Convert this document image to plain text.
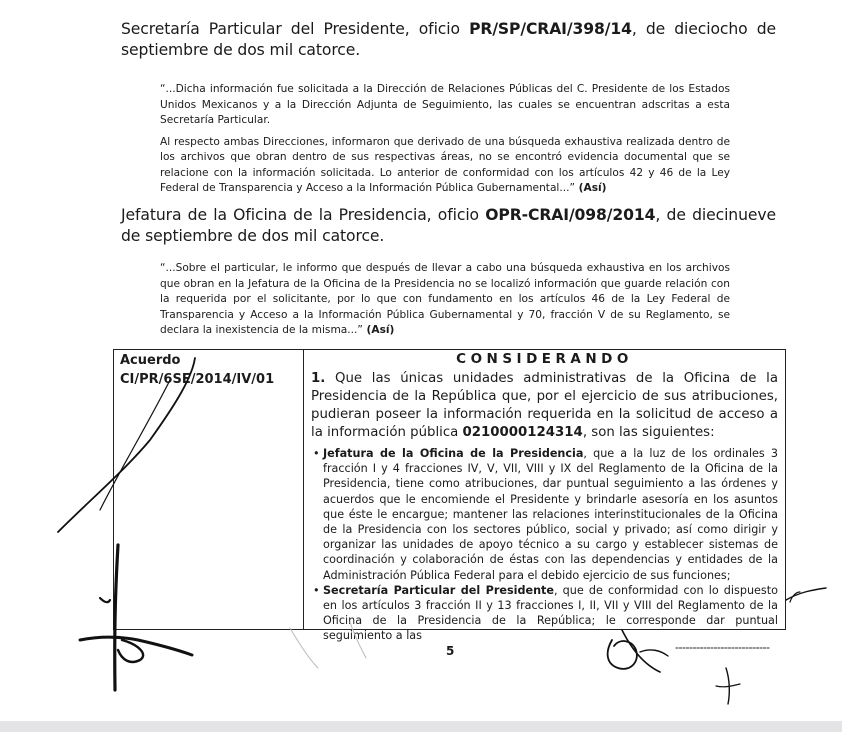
Secretaría Particular del Presidente, oficio PR/SP/CRAI/398/14, de dieciocho de septiembre de dos mil catorce.

“...Dicha información fue solicitada a la Dirección de Relaciones Públicas del C. Presidente de los Estados Unidos Mexicanos y a la Dirección Adjunta de Seguimiento, las cuales se encuentran adscritas a esta Secretaría Particular.

Al respecto ambas Direcciones, informaron que derivado de una búsqueda exhaustiva realizada dentro de los archivos que obran dentro de sus respectivas áreas, no se encontró evidencia documental que se relacione con la información solicitada. Lo anterior de conformidad con los artículos 42 y 46 de la Ley Federal de Transparencia y Acceso a la Información Pública Gubernamental...” (Así)

Jefatura de la Oficina de la Presidencia, oficio OPR-CRAI/098/2014, de diecinueve de septiembre de dos mil catorce.

“...Sobre el particular, le informo que después de llevar a cabo una búsqueda exhaustiva en los archivos que obran en la Jefatura de la Oficina de la Presidencia no se localizó información que guarde relación con la requerida por el solicitante, por lo que con fundamento en los artículos 46 de la Ley Federal de Transparencia y Acceso a la Información Pública Gubernamental y 70, fracción V de su Reglamento, se declara la inexistencia de la misma...” (Así)

Acuerdo
CI/PR/6SE/2014/IV/01

CONSIDERANDO
1. Que las únicas unidades administrativas de la Oficina de la Presidencia de la República que, por el ejercicio de sus atribuciones, pudieran poseer la información requerida en la solicitud de acceso a la información pública 0210000124314, son las siguientes:
• Jefatura de la Oficina de la Presidencia, que a la luz de los ordinales 3 fracción I y 4 fracciones IV, V, VII, VIII y IX del Reglamento de la Oficina de la Presidencia, tiene como atribuciones, dar puntual seguimiento a las órdenes y acuerdos que le encomiende el Presidente y brindarle asesoría en los asuntos que éste le encargue; mantener las relaciones interinstitucionales de la Oficina de la Presidencia con los sectores público, social y privado; así como dirigir y organizar las unidades de apoyo técnico a su cargo y establecer sistemas de coordinación y colaboración de éstas con las dependencias y entidades de la Administración Pública Federal para el debido ejercicio de sus funciones;
• Secretaría Particular del Presidente, que de conformidad con lo dispuesto en los artículos 3 fracción II y 13 fracciones I, II, VII y VIII del Reglamento de la Oficina de la Presidencia de la República; le corresponde dar puntual seguimiento a las
5
